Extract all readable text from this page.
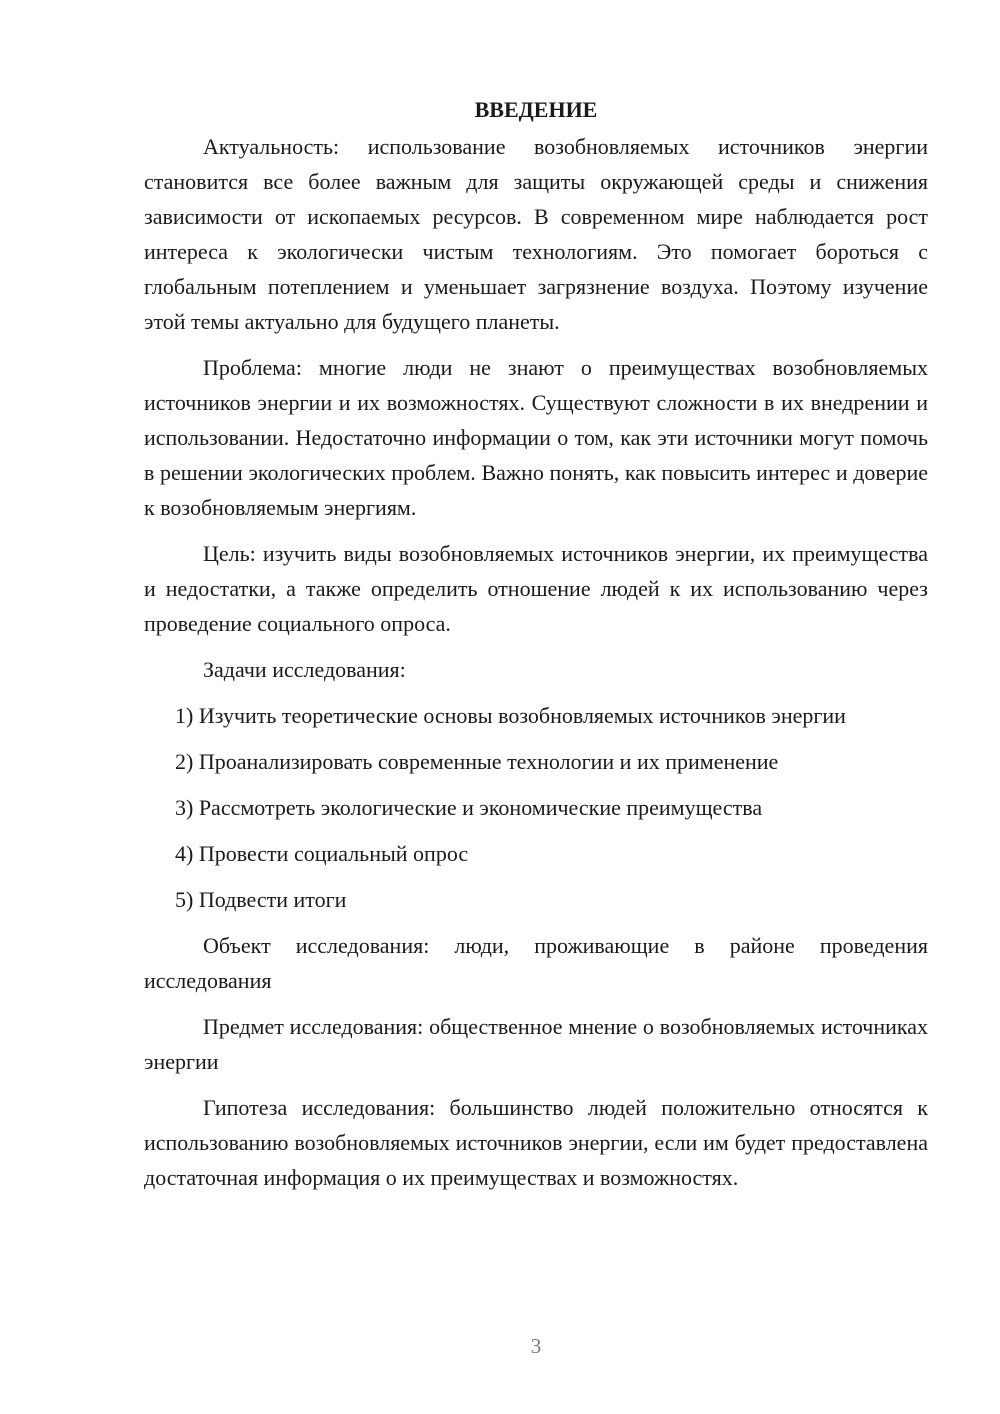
ВВЕДЕНИЕ

Актуальность: использование возобновляемых источников энергии становится все более важным для защиты окружающей среды и снижения зависимости от ископаемых ресурсов. В современном мире наблюдается рост интереса к экологически чистым технологиям. Это помогает бороться с глобальным потеплением и уменьшает загрязнение воздуха. Поэтому изучение этой темы актуально для будущего планеты.

Проблема: многие люди не знают о преимуществах возобновляемых источников энергии и их возможностях. Существуют сложности в их внедрении и использовании. Недостаточно информации о том, как эти источники могут помочь в решении экологических проблем. Важно понять, как повысить интерес и доверие к возобновляемым энергиям.

Цель: изучить виды возобновляемых источников энергии, их преимущества и недостатки, а также определить отношение людей к их использованию через проведение социального опроса.

Задачи исследования:

1) Изучить теоретические основы возобновляемых источников энергии

2) Проанализировать современные технологии и их применение

3) Рассмотреть экологические и экономические преимущества

4) Провести социальный опрос

5) Подвести итоги

Объект исследования: люди, проживающие в районе проведения исследования

Предмет исследования: общественное мнение о возобновляемых источниках энергии

Гипотеза исследования: большинство людей положительно относятся к использованию возобновляемых источников энергии, если им будет предоставлена достаточная информация о их преимуществах и возможностях.

3
